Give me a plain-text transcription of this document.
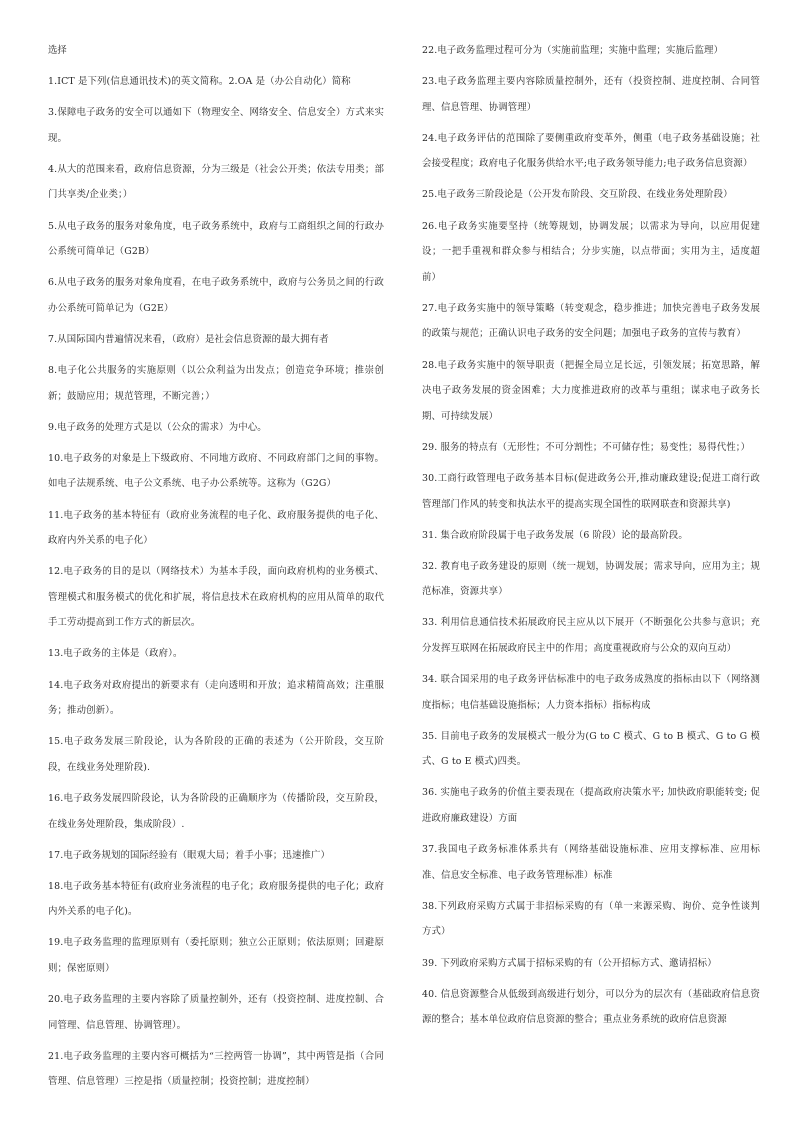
选择
1.ICT 是下列(信息通讯技术)的英文简称。2.OA 是（办公自动化）简称
3.保障电子政务的安全可以通如下（物理安全、网络安全、信息安全）方式来实现。
4.从大的范围来看，政府信息资源，分为三级是（社会公开类；依法专用类；部门共享类/企业类；）
5.从电子政务的服务对象角度，电子政务系统中，政府与工商组织之间的行政办公系统可简单记（G2B）
6.从电子政务的服务对象角度看，在电子政务系统中，政府与公务员之间的行政办公系统可简单记为（G2E）
7.从国际国内普遍情况来看，（政府）是社会信息资源的最大拥有者
8.电子化公共服务的实施原则（以公众利益为出发点；创造竞争环境；推崇创新；鼓励应用；规范管理，不断完善；）
9.电子政务的处理方式是以（公众的需求）为中心。
10.电子政务的对象是上下级政府、不同地方政府、不同政府部门之间的事物。如电子法规系统、电子公文系统、电子办公系统等。这称为（G2G）
11.电子政务的基本特征有（政府业务流程的电子化、政府服务提供的电子化、政府内外关系的电子化）
12.电子政务的目的是以（网络技术）为基本手段，面向政府机构的业务模式、管理模式和服务模式的优化和扩展，将信息技术在政府机构的应用从简单的取代手工劳动提高到工作方式的新层次。
13.电子政务的主体是（政府）。
14.电子政务对政府提出的新要求有（走向透明和开放；追求精简高效；注重服务；推动创新）。
15.电子政务发展三阶段论，认为各阶段的正确的表述为（公开阶段，交互阶段，在线业务处理阶段).
16.电子政务发展四阶段论，认为各阶段的正确顺序为（传播阶段，交互阶段，在线业务处理阶段，集成阶段）.
17.电子政务规划的国际经验有（眼观大局；着手小事；迅速推广）
18.电子政务基本特征有(政府业务流程的电子化；政府服务提供的电子化；政府内外关系的电子化)。
19.电子政务监理的监理原则有（委托原则；独立公正原则；依法原则；回避原则；保密原则）
20.电子政务监理的主要内容除了质量控制外，还有（投资控制、进度控制、合同管理、信息管理、协调管理）。
21.电子政务监理的主要内容可概括为“三控两管一协调”，其中两管是指（合同管理、信息管理）三控是指（质量控制；投资控制；进度控制）
22.电子政务监理过程可分为（实施前监理；实施中监理；实施后监理）
23.电子政务监理主要内容除质量控制外，还有（投资控制、进度控制、合同管理、信息管理、协调管理）
24.电子政务评估的范围除了要侧重政府变革外，侧重（电子政务基础设施；社会接受程度；政府电子化服务供给水平;电子政务领导能力;电子政务信息资源）
25.电子政务三阶段论是（公开发布阶段、交互阶段、在线业务处理阶段）
26.电子政务实施要坚持（统筹规划，协调发展；以需求为导向，以应用促建设；一把手重视和群众参与相结合；分步实施，以点带面；实用为主，适度超前）
27.电子政务实施中的领导策略（转变观念，稳步推进；加快完善电子政务发展的政策与规范；正确认识电子政务的安全问题；加强电子政务的宣传与教育）
28.电子政务实施中的领导职责（把握全局立足长远，引领发展；拓宽思路，解决电子政务发展的资金困难；大力度推进政府的改革与重组；谋求电子政务长期、可持续发展）
29. 服务的特点有（无形性；不可分割性；不可储存性；易变性；易得代性；）
30.工商行政管理电子政务基本目标(促进政务公开,推动廉政建设;促进工商行政管理部门作风的转变和执法水平的提高实现全国性的联网联查和资源共享)
31. 集合政府阶段属于电子政务发展（6 阶段）论的最高阶段。
32. 教育电子政务建设的原则（统一规划，协调发展；需求导向，应用为主；规范标准，资源共享）
33. 利用信息通信技术拓展政府民主应从以下展开（不断强化公共参与意识；充分发挥互联网在拓展政府民主中的作用；高度重视政府与公众的双向互动）
34. 联合国采用的电子政务评估标准中的电子政务成熟度的指标由以下（网络测度指标；电信基础设施指标；人力资本指标）指标构成
35. 目前电子政务的发展模式一般分为(G to C 模式、G to B 模式、G to G 模式、G to E 模式)四类。
36. 实施电子政务的价值主要表现在（提高政府决策水平; 加快政府职能转变; 促进政府廉政建设）方面
37.我国电子政务标准体系共有（网络基础设施标准、应用支撑标准、应用标准、信息安全标准、电子政务管理标准）标准
38.下列政府采购方式属于非招标采购的有（单一来源采购、询价、竞争性谈判方式）
39. 下列政府采购方式属于招标采购的有（公开招标方式、邀请招标）
40. 信息资源整合从低级到高级进行划分，可以分为的层次有（基础政府信息资源的整合；基本单位政府信息资源的整合；重点业务系统的政府信息资源
